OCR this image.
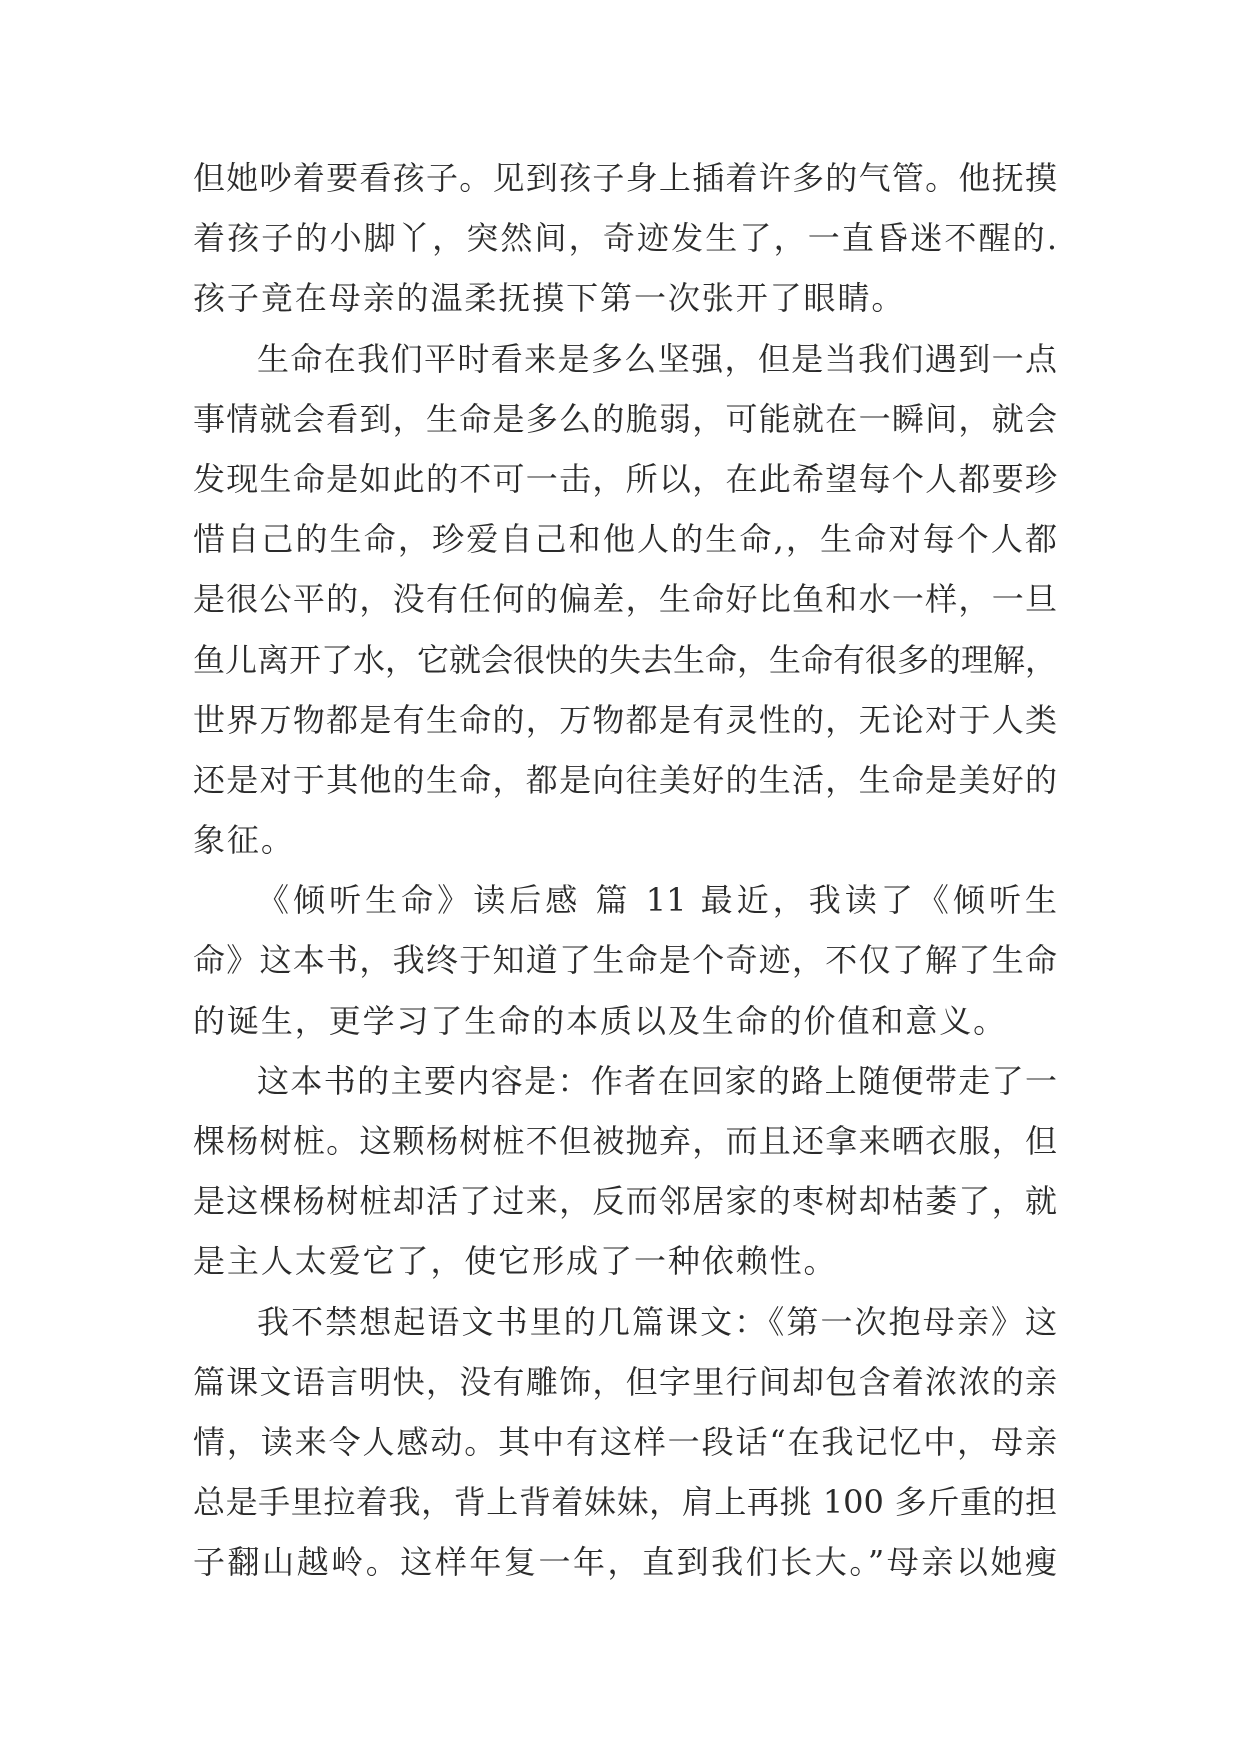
但她吵着要看孩子。见到孩子身上插着许多的气管。他抚摸
着孩子的小脚丫，突然间，奇迹发生了，一直昏迷不醒的.
孩子竟在母亲的温柔抚摸下第一次张开了眼睛。
生命在我们平时看来是多么坚强，但是当我们遇到一点
事情就会看到，生命是多么的脆弱，可能就在一瞬间，就会
发现生命是如此的不可一击，所以，在此希望每个人都要珍
惜自己的生命，珍爱自己和他人的生命,，生命对每个人都
是很公平的，没有任何的偏差，生命好比鱼和水一样，一旦
鱼儿离开了水，它就会很快的失去生命，生命有很多的理解，
世界万物都是有生命的，万物都是有灵性的，无论对于人类
还是对于其他的生命，都是向往美好的生活，生命是美好的
象征。
《倾听生命》读后感 篇 11 最近，我读了《倾听生
命》这本书，我终于知道了生命是个奇迹，不仅了解了生命
的诞生，更学习了生命的本质以及生命的价值和意义。
这本书的主要内容是：作者在回家的路上随便带走了一
棵杨树桩。这颗杨树桩不但被抛弃，而且还拿来晒衣服，但
是这棵杨树桩却活了过来，反而邻居家的枣树却枯萎了，就
是主人太爱它了，使它形成了一种依赖性。
我不禁想起语文书里的几篇课文：《第一次抱母亲》这
篇课文语言明快，没有雕饰，但字里行间却包含着浓浓的亲
情，读来令人感动。其中有这样一段话“在我记忆中，母亲
总是手里拉着我，背上背着妹妹，肩上再挑 100 多斤重的担
子翻山越岭。这样年复一年，直到我们长大。”母亲以她瘦
